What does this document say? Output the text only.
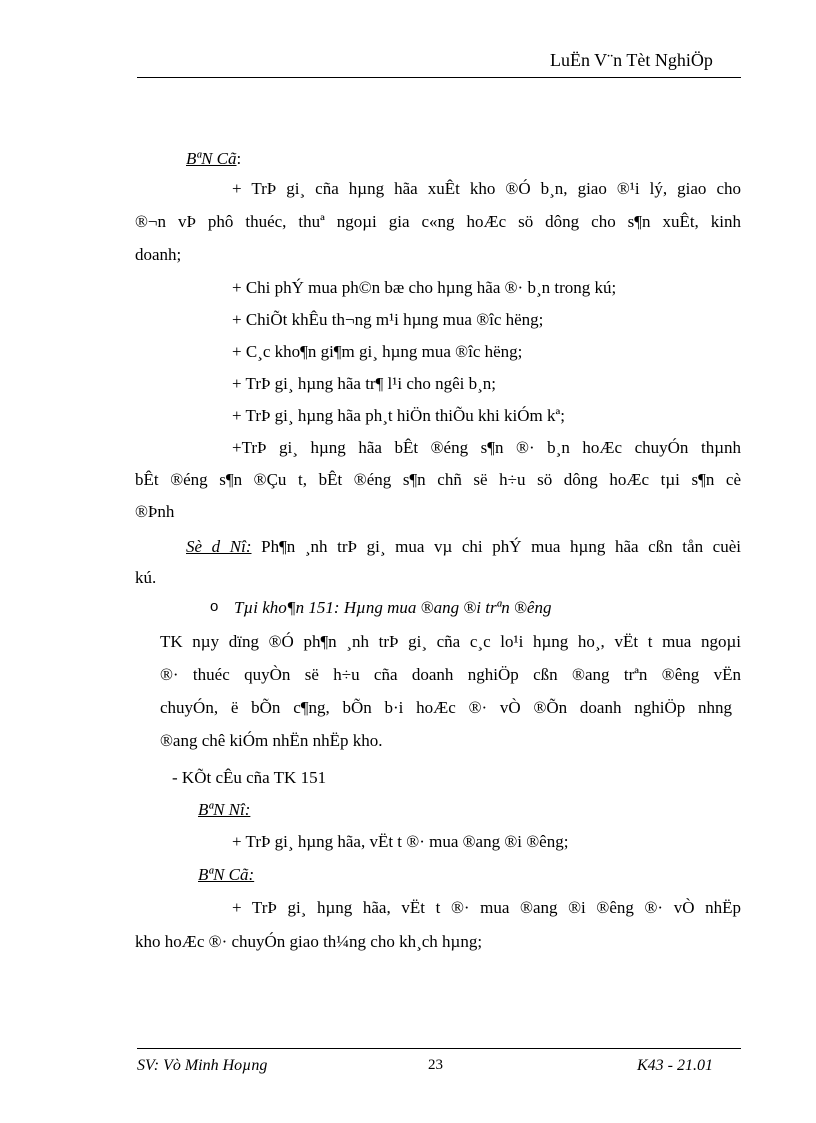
LuËn V¨n Tèt NghiÖp
BªN Cã:
+ TrÞ gi¸ cña hµng hãa xuÊt kho ®Ó b¸n, giao ®¹i lý, giao cho
®¬n vÞ phô thuéc, thuª ngoµi gia c«ng hoÆc sö dông cho s¶n xuÊt, kinh
doanh;
+ Chi phÝ mua ph©n bæ cho hµng hãa ®· b¸n trong kú;
+ ChiÕt khÊu th¬ng m¹i hµng mua ®îc hëng;
+ C¸c kho¶n gi¶m gi¸ hµng mua ®îc hëng;
+ TrÞ gi¸ hµng hãa tr¶ l¹i cho ngêi b¸n;
+ TrÞ gi¸ hµng hãa ph¸t hiÖn thiÕu khi kiÓm kª;
+TrÞ gi¸ hµng hãa bÊt ®éng s¶n ®· b¸n hoÆc chuyÓn thµnh
bÊt ®éng s¶n ®Çu t, bÊt ®éng s¶n chñ së h÷u sö dông hoÆc tµi s¶n cè
®Þnh
Sè d Nî: Ph¶n ¸nh trÞ gi¸ mua vµ chi phÝ mua hµng hãa cßn tån cuèi
kú.
o Tµi kho¶n 151: Hµng mua ®ang ®i trªn ®êng
TK nµy dïng ®Ó ph¶n ¸nh trÞ gi¸ cña c¸c lo¹i hµng ho¸, vËt t mua ngoµi
®· thuéc quyÒn së h÷u cña doanh nghiÖp cßn ®ang trªn ®êng vËn
chuyÓn, ë bÕn c¶ng, bÕn b·i hoÆc ®· vÒ ®Õn doanh nghiÖp nhng
®ang chê kiÓm nhËn nhËp kho.
- KÕt cÊu cña TK 151
BªN Nî:
+ TrÞ gi¸ hµng hãa, vËt t ®· mua ®ang ®i ®êng;
BªN Cã:
+ TrÞ gi¸ hµng hãa, vËt t ®· mua ®ang ®i ®êng ®· vÒ nhËp
kho hoÆc ®· chuyÓn giao th¼ng cho kh¸ch hµng;
SV: Vò Minh Hoµng	23	K43 - 21.01
